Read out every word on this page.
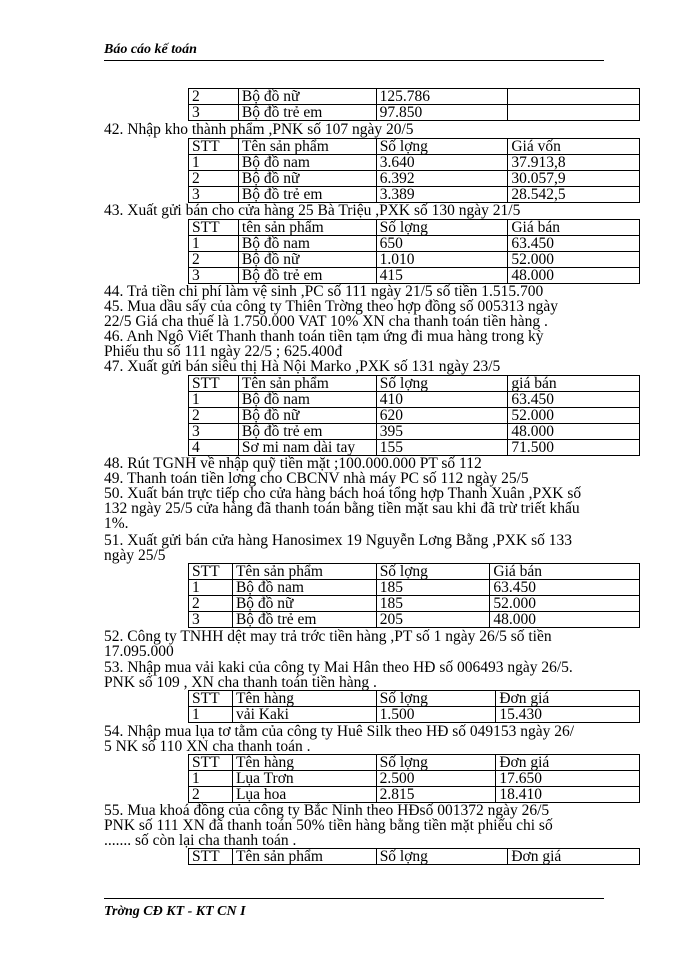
Báo cáo kế toán
2	Bộ đồ nữ	125.786	
3	Bộ đồ trẻ em	97.850	
42. Nhập kho thành phẩm ,PNK số 107 ngày 20/5
STT	Tên sản phẩm	Số lợng	Giá vốn
1	Bộ đồ nam	3.640	37.913,8
2	Bộ đồ nữ	6.392	30.057,9
3	Bộ đồ trẻ em	3.389	28.542,5
43. Xuất gửi bán cho cửa hàng 25 Bà Triệu ,PXK số 130 ngày 21/5
STT	tên sản phẩm	Số lợng	Giá bán
1	Bộ đồ nam	650	63.450
2	Bộ đồ nữ	1.010	52.000
3	Bộ đồ trẻ em	415	48.000
44. Trả tiền chi phí làm vệ sinh ,PC số 111 ngày 21/5 số tiền 1.515.700
45. Mua dầu sấy của công ty Thiên Trờng theo hợp đồng số 005313 ngày
22/5 Giá cha thuế là 1.750.000 VAT 10% XN cha thanh toán tiền hàng .
46. Anh Ngô Viết Thanh thanh toán tiền tạm ứng đi mua hàng trong kỳ
Phiếu thu số 111 ngày 22/5 ; 625.400đ
47. Xuất gửi bán siêu thị Hà Nội Marko ,PXK số 131 ngày 23/5
STT	Tên sản phẩm	Số lợng	giá bán
1	Bộ đồ nam	410	63.450
2	Bộ đồ nữ	620	52.000
3	Bộ đồ trẻ em	395	48.000
4	Sơ mi nam dài tay	155	71.500
48. Rút TGNH về nhập quỹ tiền mặt ;100.000.000 PT số 112
49. Thanh toán tiền lơng cho CBCNV nhà máy PC số 112 ngày 25/5
50. Xuất bán trực tiếp cho cửa hàng bách hoá tổng hợp Thanh Xuân ,PXK số
132 ngày 25/5 cửa hàng đã thanh toán bằng tiền mặt sau khi đã trừ triết khấu
1%.
51. Xuất gửi bán cửa hàng Hanosimex 19 Nguyễn Lơng Bằng ,PXK số 133
ngày 25/5
STT	Tên sản phẩm	Số lợng	Giá bán
1	Bộ đồ nam	185	63.450
2	Bộ đồ nữ	185	52.000
3	Bộ đồ trẻ em	205	48.000
52. Công ty TNHH dệt may trả trớc tiền hàng ,PT số 1 ngày 26/5 số tiền
17.095.000
53. Nhập mua vải kaki của công ty Mai Hân theo HĐ số 006493 ngày 26/5.
PNK số 109 , XN cha thanh toán tiền hàng .
STT	Tên hàng	Số lợng	Đơn giá
1	vải Kaki	1.500	15.430
54. Nhập mua lụa tơ tằm của công ty Huê Silk theo HĐ số 049153 ngày 26/
5 NK số 110 XN cha thanh toán .
STT	Tên hàng	Số lợng	Đơn giá
1	Lụa Trơn	2.500	17.650
2	Lụa hoa	2.815	18.410
55. Mua khoá đồng của công ty Bắc Ninh theo HĐsố 001372 ngày 26/5
PNK số 111 XN đã thanh toán 50% tiền hàng bằng tiền mặt phiếu chi số
....... số còn lại cha thanh toán .
STT	Tên sản phẩm	Số lợng	Đơn giá
Trờng CĐ KT - KT CN I
